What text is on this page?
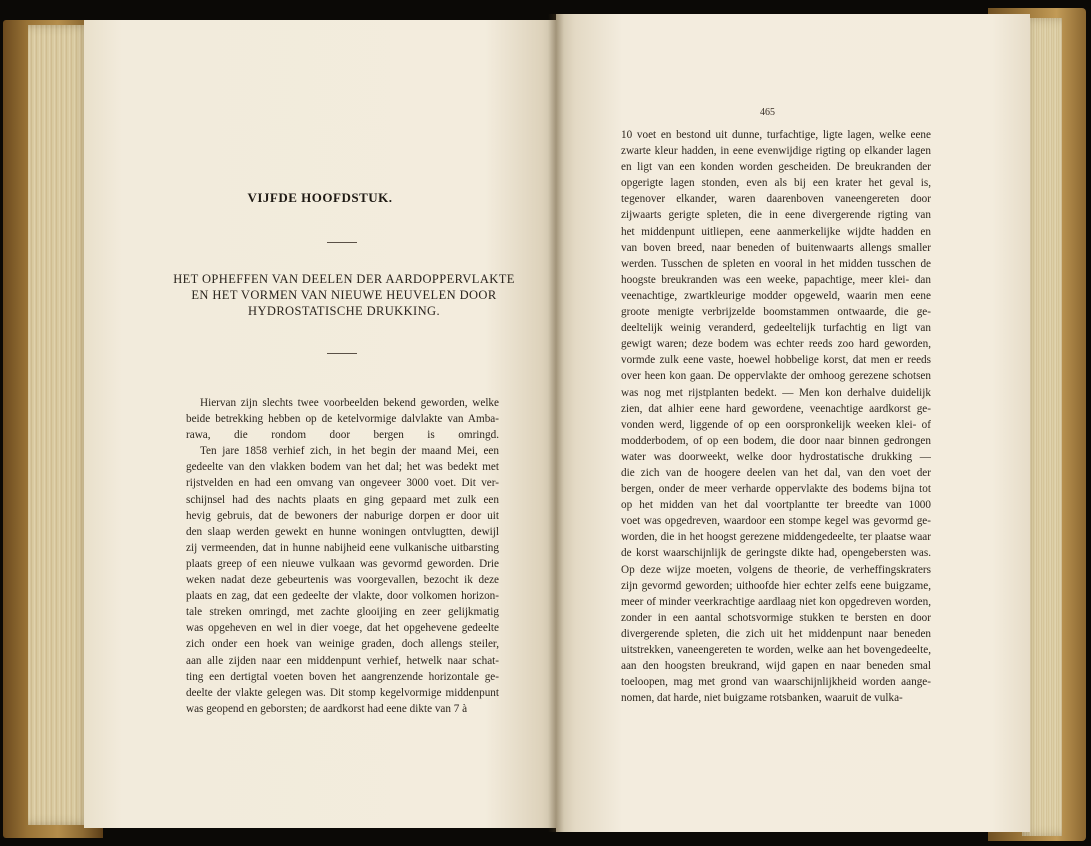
VIJFDE HOOFDSTUK.
HET OPHEFFEN VAN DEELEN DER AARDOPPERVLAKTE
EN HET VORMEN VAN NIEUWE HEUVELEN DOOR
HYDROSTATISCHE DRUKKING.
Hiervan zijn slechts twee voorbeelden bekend geworden, welke
beide betrekking hebben op de ketelvormige dalvlakte van Amba-
rawa, die rondom door bergen is omringd.
Ten jare 1858 verhief zich, in het begin der maand Mei, een
gedeelte van den vlakken bodem van het dal; het was bedekt met
rijstvelden en had een omvang van ongeveer 3000 voet. Dit ver-
schijnsel had des nachts plaats en ging gepaard met zulk een
hevig gebruis, dat de bewoners der naburige dorpen er door uit
den slaap werden gewekt en hunne woningen ontvlugtten, dewijl
zij vermeenden, dat in hunne nabijheid eene vulkanische uitbarsting
plaats greep of een nieuwe vulkaan was gevormd geworden. Drie
weken nadat deze gebeurtenis was voorgevallen, bezocht ik deze
plaats en zag, dat een gedeelte der vlakte, door volkomen horizon-
tale streken omringd, met zachte glooijing en zeer gelijkmatig
was opgeheven en wel in dier voege, dat het opgehevene gedeelte
zich onder een hoek van weinige graden, doch allengs steiler,
aan alle zijden naar een middenpunt verhief, hetwelk naar schat-
ting een dertigtal voeten boven het aangrenzende horizontale ge-
deelte der vlakte gelegen was. Dit stomp kegelvormige middenpunt
was geopend en geborsten; de aardkorst had eene dikte van 7 à
465
10 voet en bestond uit dunne, turfachtige, ligte lagen, welke eene
zwarte kleur hadden, in eene evenwijdige rigting op elkander lagen
en ligt van een konden worden gescheiden. De breukranden der
opgerigte lagen stonden, even als bij een krater het geval is,
tegenover elkander, waren daarenboven vaneengereten door
zijwaarts gerigte spleten, die in eene divergerende rigting van
het middenpunt uitliepen, eene aanmerkelijke wijdte hadden en
van boven breed, naar beneden of buitenwaarts allengs smaller
werden. Tusschen de spleten en vooral in het midden tusschen de
hoogste breukranden was een weeke, papachtige, meer klei- dan
veenachtige, zwartkleurige modder opgeweld, waarin men eene
groote menigte verbrijzelde boomstammen ontwaarde, die ge-
deeltelijk weinig veranderd, gedeeltelijk turfachtig en ligt van
gewigt waren; deze bodem was echter reeds zoo hard geworden,
vormde zulk eene vaste, hoewel hobbelige korst, dat men er reeds
over heen kon gaan. De oppervlakte der omhoog gerezene schotsen
was nog met rijstplanten bedekt. — Men kon derhalve duidelijk
zien, dat alhier eene hard gewordene, veenachtige aardkorst ge-
vonden werd, liggende of op een oorspronkelijk weeken klei- of
modderbodem, of op een bodem, die door naar binnen gedrongen
water was doorweekt, welke door hydrostatische drukking —
die zich van de hoogere deelen van het dal, van den voet der
bergen, onder de meer verharde oppervlakte des bodems bijna tot
op het midden van het dal voortplantte ter breedte van 1000
voet was opgedreven, waardoor een stompe kegel was gevormd ge-
worden, die in het hoogst gerezene middengedeelte, ter plaatse waar
de korst waarschijnlijk de geringste dikte had, opengebersten was.
Op deze wijze moeten, volgens de theorie, de verheffingskraters
zijn gevormd geworden; uithoofde hier echter zelfs eene buigzame,
meer of minder veerkrachtige aardlaag niet kon opgedreven worden,
zonder in een aantal schotsvormige stukken te bersten en door
divergerende spleten, die zich uit het middenpunt naar beneden
uitstrekken, vaneengereten te worden, welke aan het bovengedeelte,
aan den hoogsten breukrand, wijd gapen en naar beneden smal
toeloopen, mag met grond van waarschijnlijkheid worden aange-
nomen, dat harde, niet buigzame rotsbanken, waaruit de vulka-
